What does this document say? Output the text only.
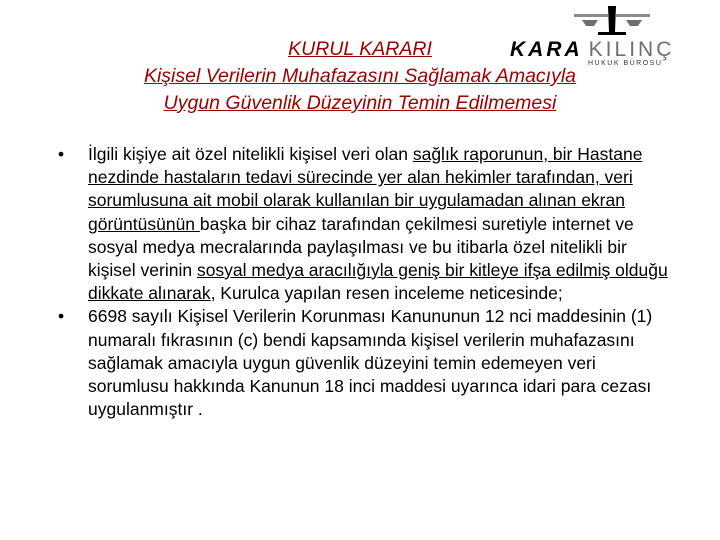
KARA KILINÇ
HUKUK BÜROSU
KURUL KARARI
Kişisel Verilerin Muhafazasını Sağlamak Amacıyla
Uygun Güvenlik Düzeyinin Temin Edilmemesi

•	İlgili kişiye ait özel nitelikli kişisel veri olan sağlık raporunun, bir Hastane nezdinde hastaların tedavi sürecinde yer alan hekimler tarafından, veri sorumlusuna ait mobil olarak kullanılan bir uygulamadan alınan ekran görüntüsünün başka bir cihaz tarafından çekilmesi suretiyle internet ve sosyal medya mecralarında paylaşılması ve bu itibarla özel nitelikli bir kişisel verinin sosyal medya aracılığıyla geniş bir kitleye ifşa edilmiş olduğu dikkate alınarak, Kurulca yapılan resen inceleme neticesinde;

•	6698 sayılı Kişisel Verilerin Korunması Kanununun 12 nci maddesinin (1) numaralı fıkrasının (c) bendi kapsamında kişisel verilerin muhafazasını sağlamak amacıyla uygun güvenlik düzeyini temin edemeyen veri sorumlusu hakkında Kanunun 18 inci maddesi uyarınca idari para cezası uygulanmıştır .
